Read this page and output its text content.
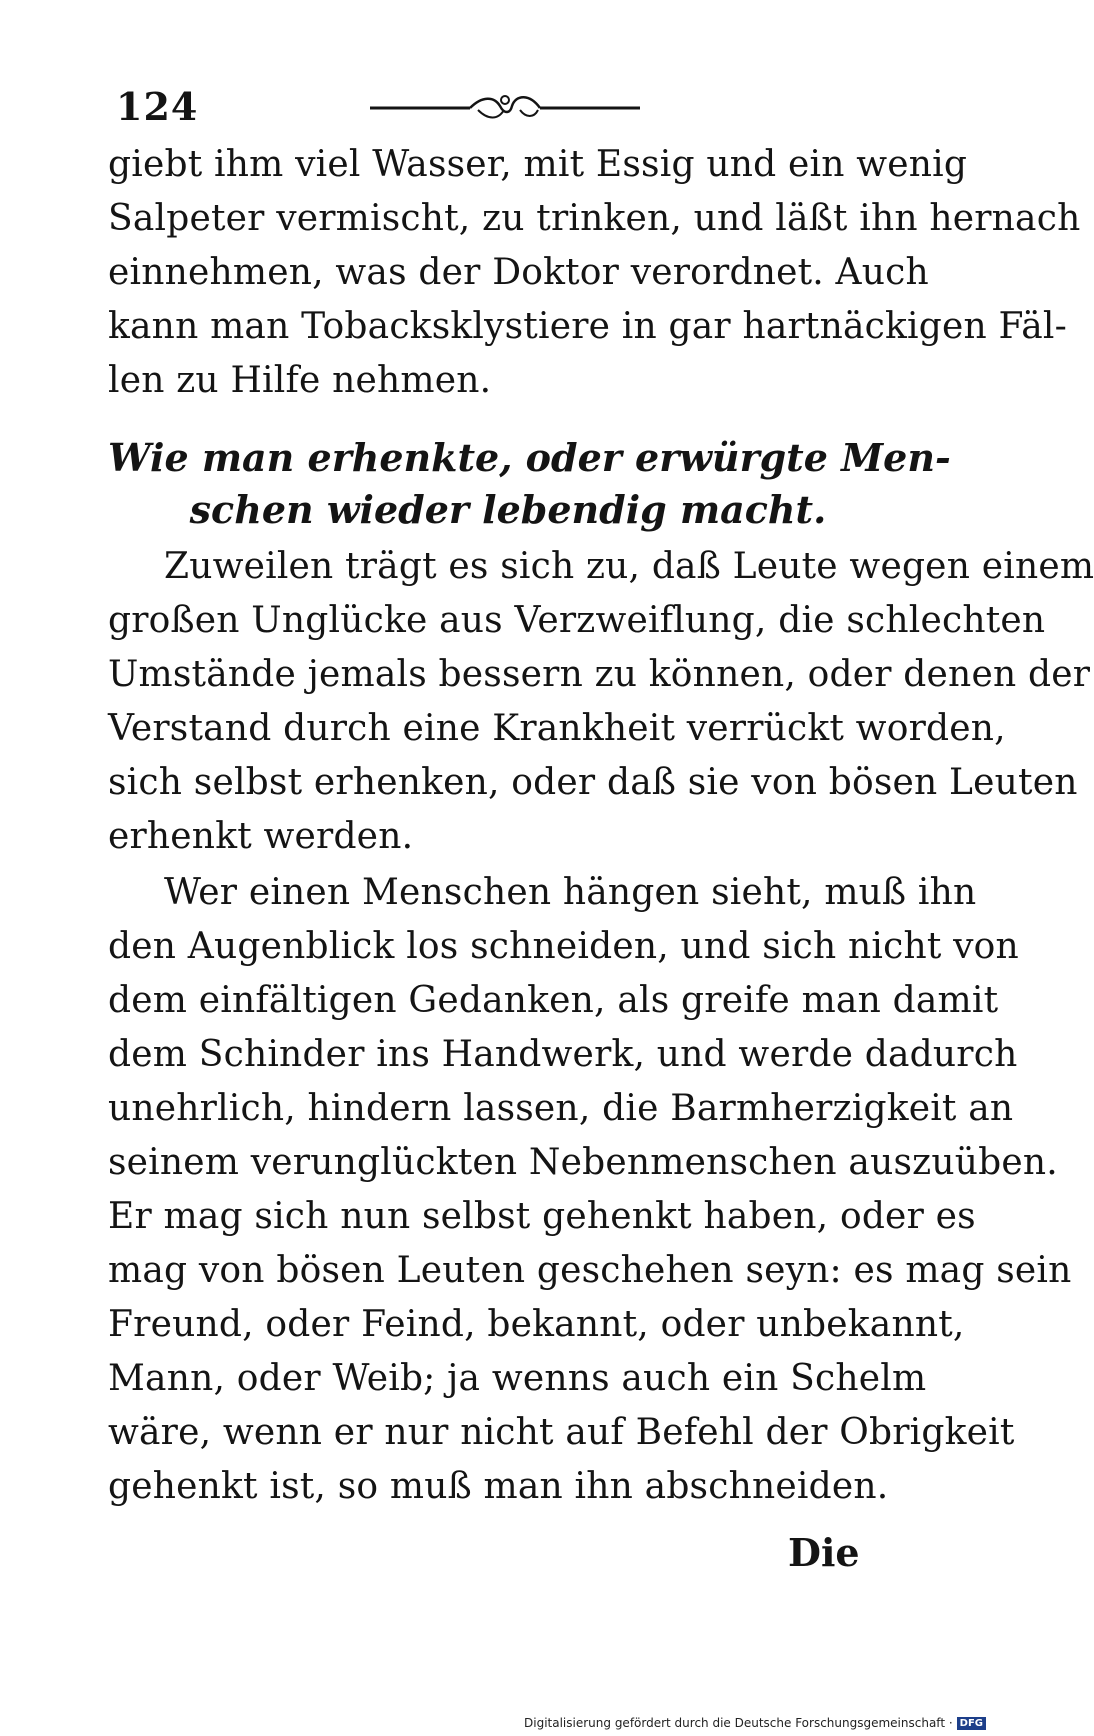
124
giebt ihm viel Wasser, mit Essig und ein wenig
Salpeter vermischt, zu trinken, und läßt ihn hernach
einnehmen, was der Doktor verordnet. Auch
kann man Tobacksklystiere in gar hartnäckigen Fäl-
len zu Hilfe nehmen.
Wie man erhenkte, oder erwürgte Men-
schen wieder lebendig macht.
Zuweilen trägt es sich zu, daß Leute wegen einem
großen Unglücke aus Verzweiflung, die schlechten
Umstände jemals bessern zu können, oder denen der
Verstand durch eine Krankheit verrückt worden,
sich selbst erhenken, oder daß sie von bösen Leuten
erhenkt werden.
Wer einen Menschen hängen sieht, muß ihn
den Augenblick los schneiden, und sich nicht von
dem einfältigen Gedanken, als greife man damit
dem Schinder ins Handwerk, und werde dadurch
unehrlich, hindern lassen, die Barmherzigkeit an
seinem verunglückten Nebenmenschen auszuüben.
Er mag sich nun selbst gehenkt haben, oder es
mag von bösen Leuten geschehen seyn: es mag sein
Freund, oder Feind, bekannt, oder unbekannt,
Mann, oder Weib; ja wenns auch ein Schelm
wäre, wenn er nur nicht auf Befehl der Obrigkeit
gehenkt ist, so muß man ihn abschneiden.
Die
Digitalisierung gefördert durch die Deutsche Forschungsgemeinschaft · DFG
